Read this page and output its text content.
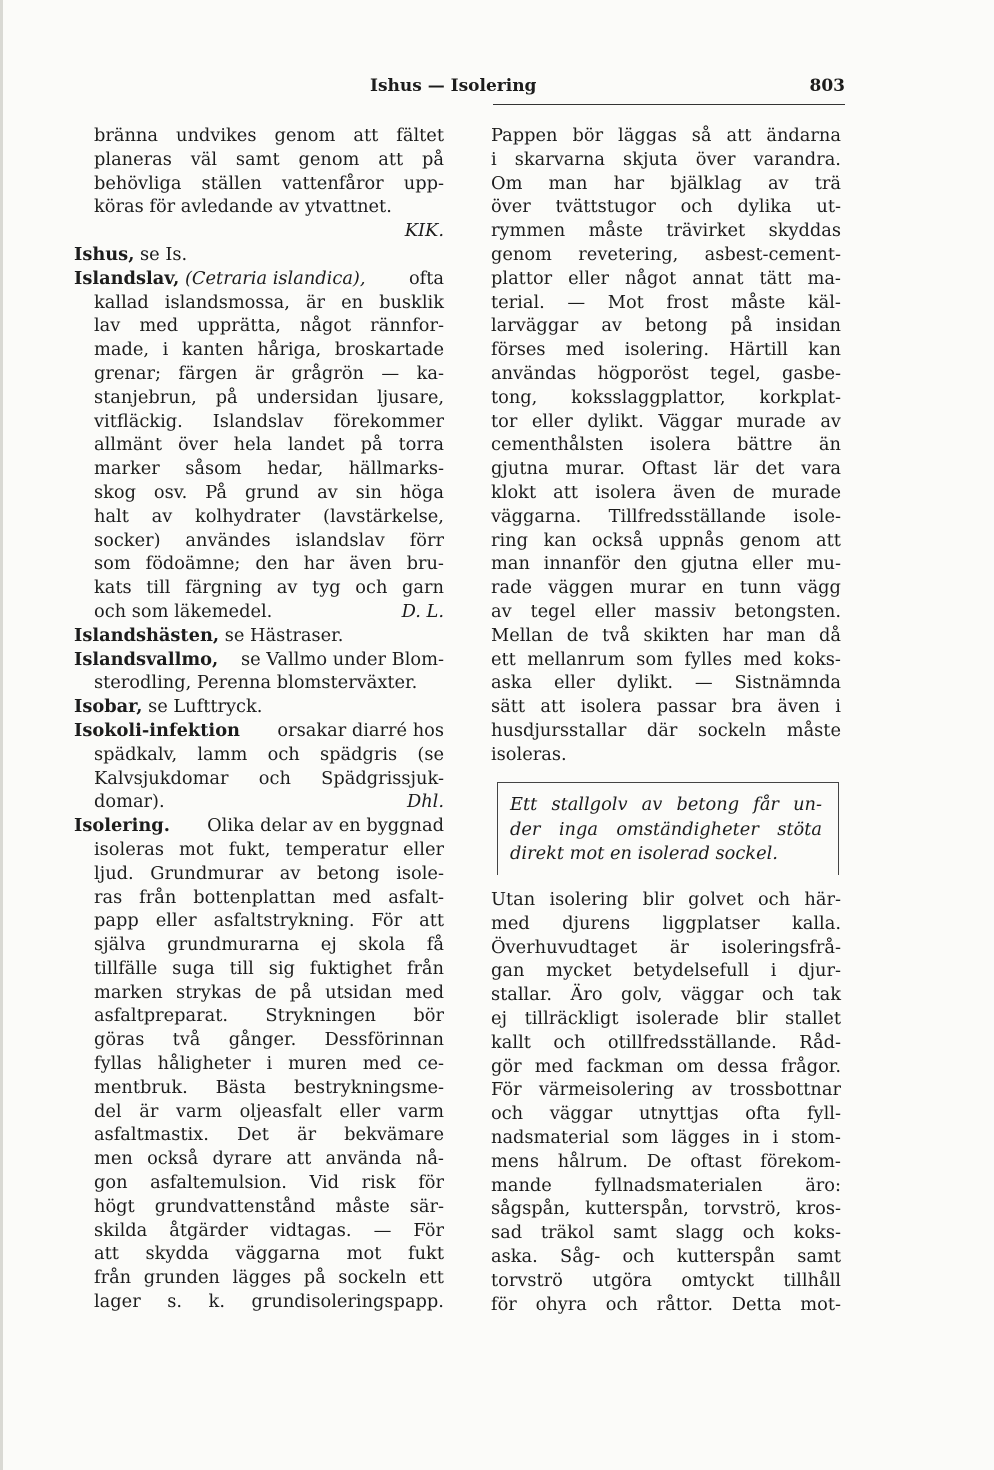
Ishus — Isolering	803
bränna undvikes genom att fältet
planeras väl samt genom att på
behövliga ställen vattenfåror upp-
köras för avledande av ytvattnet.
KIK.
Ishus,
se Is.
Islandslav, (Cetraria islandica), ofta
kallad islandsmossa, är en busklik
lav med upprätta, något rännfor-
made, i kanten håriga, broskartade
grenar; färgen är grågrön — ka-
stanjebrun, på undersidan ljusare,
vitfläckig. Islandslav förekommer
allmänt över hela landet på torra
marker såsom hedar, hällmarks-
skog osv. På grund av sin höga
halt av kolhydrater (lavstärkelse,
socker) användes islandslav förr
som födoämne; den har även bru-
kats till färgning av tyg och garn
och som läkemedel.	D. L.
Islandshästen,
se Hästraser.
Islandsvallmo,
se Vallmo under Blom-
sterodling, Perenna blomsterväxter.
Isobar,
se Lufttryck.
Isokoli-infektion orsakar diarré hos
spädkalv, lamm och spädgris (se
Kalvsjukdomar och Spädgrissjuk-
domar).	Dhl.
Isolering. Olika delar av en byggnad
isoleras mot fukt, temperatur eller
ljud. Grundmurar av betong isole-
ras från bottenplattan med asfalt-
papp eller asfaltstrykning. För att
själva grundmurarna ej skola få
tillfälle suga till sig fuktighet från
marken strykas de på utsidan med
asfaltpreparat. Strykningen bör
göras två gånger. Dessförinnan
fyllas håligheter i muren med ce-
mentbruk. Bästa bestrykningsme-
del är varm oljeasfalt eller varm
asfaltmastix. Det är bekvämare
men också dyrare att använda nå-
gon asfaltemulsion. Vid risk för
högt grundvattenstånd måste sär-
skilda åtgärder vidtagas. — För
att skydda väggarna mot fukt
från grunden lägges på sockeln ett
lager s. k. grundisoleringspapp.
Pappen bör läggas så att ändarna
i skarvarna skjuta över varandra.
Om man har bjälklag av trä
över tvättstugor och dylika ut-
rymmen måste trävirket skyddas
genom revetering, asbest-cement-
plattor eller något annat tätt ma-
terial. — Mot frost måste käl-
larväggar av betong på insidan
förses med isolering. Härtill kan
användas högporöst tegel, gasbe-
tong, koksslaggplattor, korkplat-
tor eller dylikt. Väggar murade av
cementhålsten isolera bättre än
gjutna murar. Oftast lär det vara
klokt att isolera även de murade
väggarna. Tillfredsställande isole-
ring kan också uppnås genom att
man innanför den gjutna eller mu-
rade väggen murar en tunn vägg
av tegel eller massiv betongsten.
Mellan de två skikten har man då
ett mellanrum som fylles med koks-
aska eller dylikt. — Sistnämnda
sätt att isolera passar bra även i
husdjursstallar där sockeln måste
isoleras.
Ett stallgolv av betong får un-
der inga omständigheter stöta
direkt mot en isolerad sockel.
Utan isolering blir golvet och här-
med djurens liggplatser kalla.
Överhuvudtaget är isoleringsfrå-
gan mycket betydelsefull i djur-
stallar. Äro golv, väggar och tak
ej tillräckligt isolerade blir stallet
kallt och otillfredsställande. Råd-
gör med fackman om dessa frågor.
För värmeisolering av trossbottnar
och väggar utnyttjas ofta fyll-
nadsmaterial som lägges in i stom-
mens hålrum. De oftast förekom-
mande fyllnadsmaterialen äro:
sågspån, kutterspån, torvströ, kros-
sad träkol samt slagg och koks-
aska. Såg- och kutterspån samt
torvströ utgöra omtyckt tillhåll
för ohyra och råttor. Detta mot-
